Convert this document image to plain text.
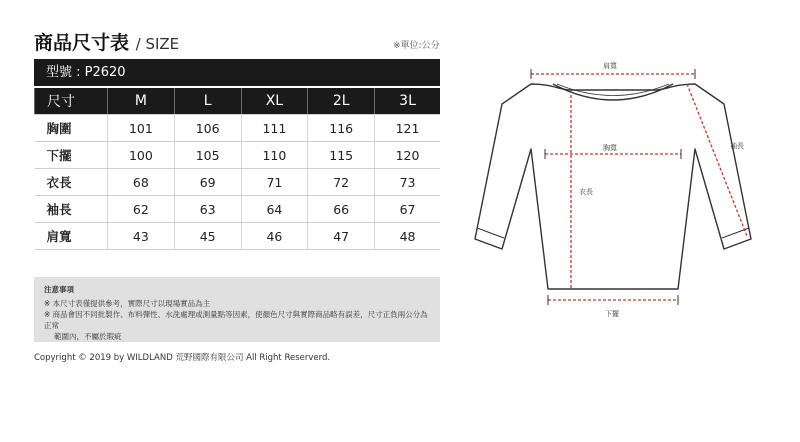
商品尺寸表 / SIZE	※單位:公分
型號 : P2620
尺寸	M	L	XL	2L	3L
胸圍	101	106	111	116	121
下擺	100	105	110	115	120
衣長	68	69	71	72	73
袖長	62	63	64	66	67
肩寬	43	45	46	47	48
注意事項
※ 本尺寸表僅提供參考，實際尺寸以現場實品為主
※ 商品會因不同批製作、布料彈性、水洗處理或測量點等因素，使顏色尺寸與實際商品略有誤差，尺寸正負兩公分為正常
範圍內，不屬於瑕疵
Copyright © 2019 by WILDLAND 荒野國際有限公司 All Right Reserverd.
肩寬
胸寬
衣長
袖長
下擺
